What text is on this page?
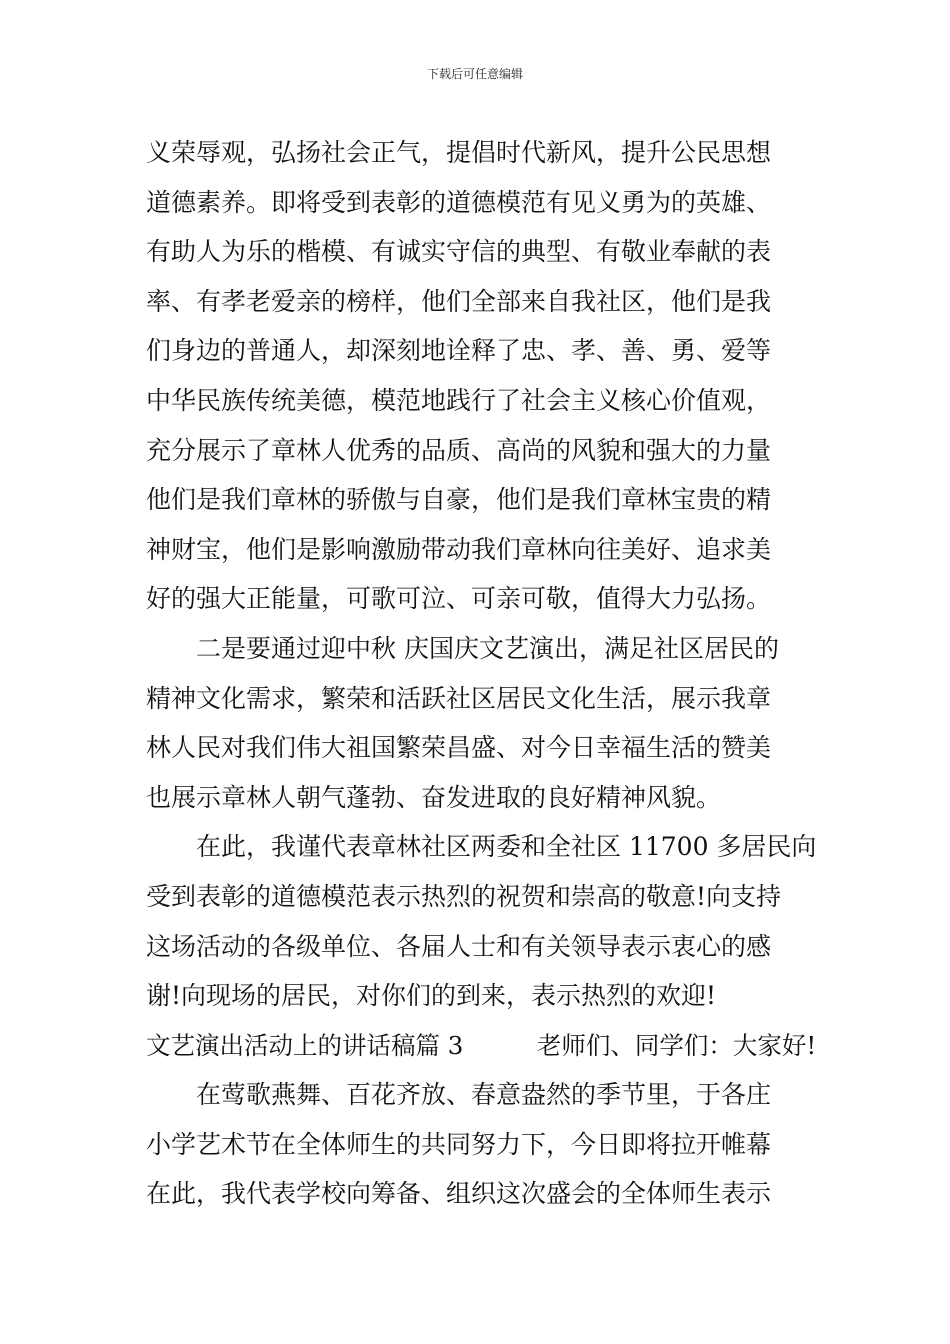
下载后可任意编辑
义荣辱观，弘扬社会正气，提倡时代新风，提升公民思想
道德素养。即将受到表彰的道德模范有见义勇为的英雄、
有助人为乐的楷模、有诚实守信的典型、有敬业奉献的表
率、有孝老爱亲的榜样，他们全部来自我社区，他们是我
们身边的普通人，却深刻地诠释了忠、孝、善、勇、爱等
中华民族传统美德，模范地践行了社会主义核心价值观，
充分展示了章林人优秀的品质、高尚的风貌和强大的力量
他们是我们章林的骄傲与自豪，他们是我们章林宝贵的精
神财宝，他们是影响激励带动我们章林向往美好、追求美
好的强大正能量，可歌可泣、可亲可敬，值得大力弘扬。
二是要通过迎中秋 庆国庆文艺演出，满足社区居民的
精神文化需求，繁荣和活跃社区居民文化生活，展示我章
林人民对我们伟大祖国繁荣昌盛、对今日幸福生活的赞美
也展示章林人朝气蓬勃、奋发进取的良好精神风貌。
在此，我谨代表章林社区两委和全社区 11700 多居民向
受到表彰的道德模范表示热烈的祝贺和崇高的敬意!向支持
这场活动的各级单位、各届人士和有关领导表示衷心的感
谢!向现场的居民，对你们的到来，表示热烈的欢迎!
文艺演出活动上的讲话稿篇 3　　　老师们、同学们：大家好!
在莺歌燕舞、百花齐放、春意盎然的季节里，于各庄
小学艺术节在全体师生的共同努力下，今日即将拉开帷幕
在此，我代表学校向筹备、组织这次盛会的全体师生表示
